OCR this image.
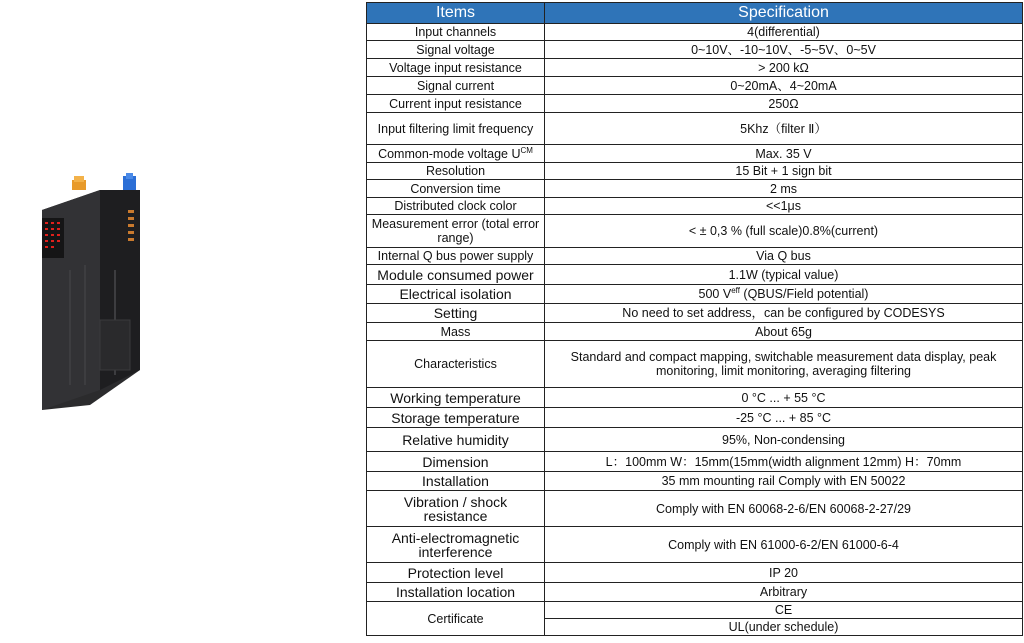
Items	Specification
Input channels	4(differential)
Signal voltage	0~10V、-10~10V、-5~5V、0~5V
Voltage input resistance	> 200 kΩ
Signal current	0~20mA、4~20mA
Current input resistance	250Ω
Input filtering limit frequency	5Khz（filter Ⅱ）
Common-mode voltage $U^{CM}$	Max. 35 V
Resolution	15 Bit + 1 sign bit
Conversion time	2 ms
Distributed clock color	<<1μs
Measurement error (total error range)	< ± 0,3 % (full scale)0.8%(current)
Internal Q bus power supply	Via Q bus
Module consumed power	1.1W (typical value)
Electrical isolation	500 $V^{eff}$ (QBUS/Field potential)
Setting	No need to set address，can be configured by CODESYS
Mass	About 65g
Characteristics	Standard and compact mapping, switchable measurement data display, peak monitoring, limit monitoring, averaging filtering
Working temperature	0 °C ... + 55 °C
Storage temperature	-25 °C ... + 85 °C
Relative humidity	95%, Non-condensing
Dimension	L：100mm W：15mm(15mm(width alignment 12mm) H：70mm
Installation	35 mm mounting rail Comply with EN 50022
Vibration / shock resistance	Comply with EN 60068-2-6/EN 60068-2-27/29
Anti-electromagnetic interference	Comply with EN 61000-6-2/EN 61000-6-4
Protection level	IP 20
Installation location	Arbitrary
Certificate	CE
	UL(under schedule)
